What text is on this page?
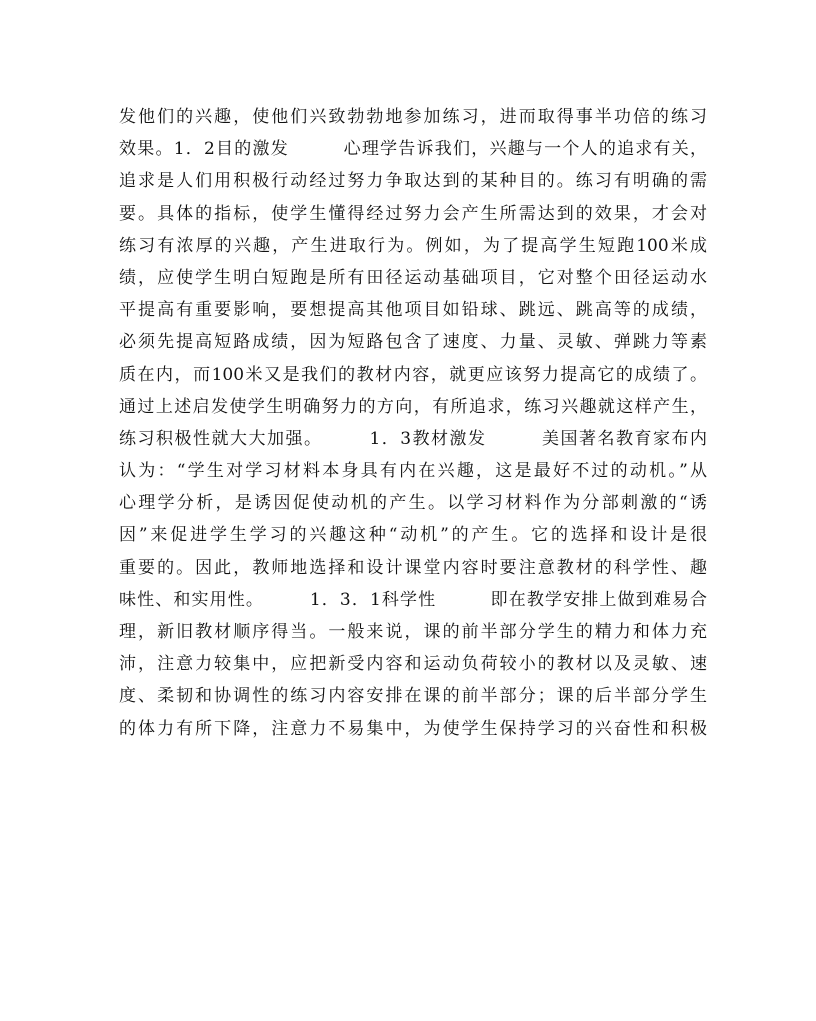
发他们的兴趣，使他们兴致勃勃地参加练习，进而取得事半功倍的练习
效果。1．2目的激发　　　心理学告诉我们，兴趣与一个人的追求有关，
追求是人们用积极行动经过努力争取达到的某种目的。练习有明确的需
要。具体的指标，使学生懂得经过努力会产生所需达到的效果，才会对
练习有浓厚的兴趣，产生进取行为。例如，为了提高学生短跑100米成
绩，应使学生明白短跑是所有田径运动基础项目，它对整个田径运动水
平提高有重要影响，要想提高其他项目如铅球、跳远、跳高等的成绩，
必须先提高短路成绩，因为短路包含了速度、力量、灵敏、弹跳力等素
质在内，而100米又是我们的教材内容，就更应该努力提高它的成绩了。
通过上述启发使学生明确努力的方向，有所追求，练习兴趣就这样产生，
练习积极性就大大加强。　　　1．3教材激发　　　美国著名教育家布内
认为：“学生对学习材料本身具有内在兴趣，这是最好不过的动机。”从
心理学分析，是诱因促使动机的产生。以学习材料作为分部刺激的“诱
因”来促进学生学习的兴趣这种“动机”的产生。它的选择和设计是很
重要的。因此，教师地选择和设计课堂内容时要注意教材的科学性、趣
味性、和实用性。　　　1．3．1科学性　　　即在教学安排上做到难易合
理，新旧教材顺序得当。一般来说，课的前半部分学生的精力和体力充
沛，注意力较集中，应把新受内容和运动负荷较小的教材以及灵敏、速
度、柔韧和协调性的练习内容安排在课的前半部分；课的后半部分学生
的体力有所下降，注意力不易集中，为使学生保持学习的兴奋性和积极
